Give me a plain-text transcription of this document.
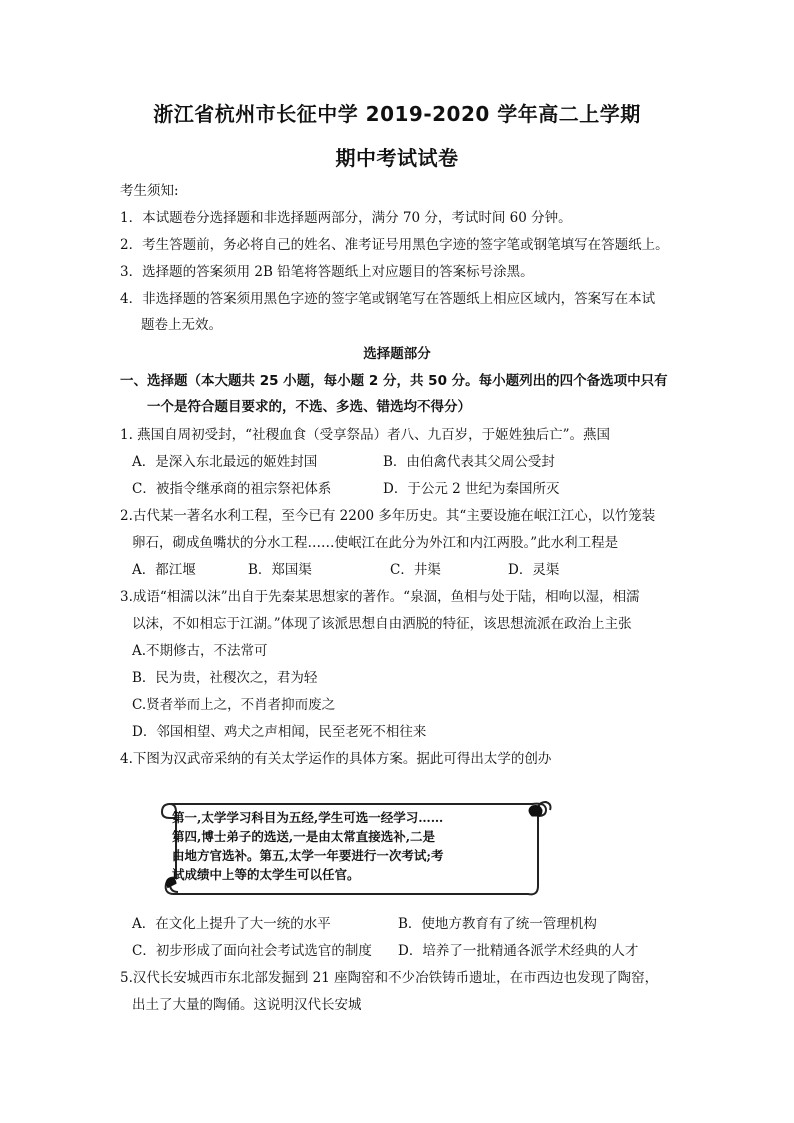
浙江省杭州市长征中学 2019-2020 学年高二上学期
期中考试试卷
考生须知:
1．本试题卷分选择题和非选择题两部分，满分 70 分，考试时间 60 分钟。
2．考生答题前，务必将自己的姓名、准考证号用黑色字迹的签字笔或钢笔填写在答题纸上。
3．选择题的答案须用 2B 铅笔将答题纸上对应题目的答案标号涂黑。
4．非选择题的答案须用黑色字迹的签字笔或钢笔写在答题纸上相应区域内，答案写在本试
题卷上无效。
选择题部分
一、选择题（本大题共 25 小题，每小题 2 分，共 50 分。每小题列出的四个备选项中只有
一个是符合题目要求的，不选、多选、错选均不得分）
1. 燕国自周初受封，“社稷血食（受享祭品）者八、九百岁，于姬姓独后亡”。燕国
A．是深入东北最远的姬姓封国	B．由伯禽代表其父周公受封
C．被指令继承商的祖宗祭祀体系	D．于公元 2 世纪为秦国所灭
2.古代某一著名水利工程，至今已有 2200 多年历史。其“主要设施在岷江江心，以竹笼装
卵石，砌成鱼嘴状的分水工程……使岷江在此分为外江和内江两股。”此水利工程是
A．都江堰	B．郑国渠	C．井渠	D．灵渠
3.成语“相濡以沫”出自于先秦某思想家的著作。“泉涸，鱼相与处于陆，相呴以湿，相濡
以沫，不如相忘于江湖。”体现了该派思想自由洒脱的特征，该思想流派在政治上主张
A.不期修古，不法常可
B．民为贵，社稷次之，君为轻
C.贤者举而上之，不肖者抑而废之
D．邻国相望、鸡犬之声相闻，民至老死不相往来
4.下图为汉武帝采纳的有关太学运作的具体方案。据此可得出太学的创办
第一,太学学习科目为五经,学生可选一经学习……
第四,博士弟子的选送,一是由太常直接选补,二是
由地方官选补。第五,太学一年要进行一次考试;考
试成绩中上等的太学生可以任官。
A．在文化上提升了大一统的水平	B．使地方教育有了统一管理机构
C．初步形成了面向社会考试选官的制度 D．培养了一批精通各派学术经典的人才
5.汉代长安城西市东北部发掘到 21 座陶窑和不少冶铁铸币遗址，在市西边也发现了陶窑，
出土了大量的陶俑。这说明汉代长安城
